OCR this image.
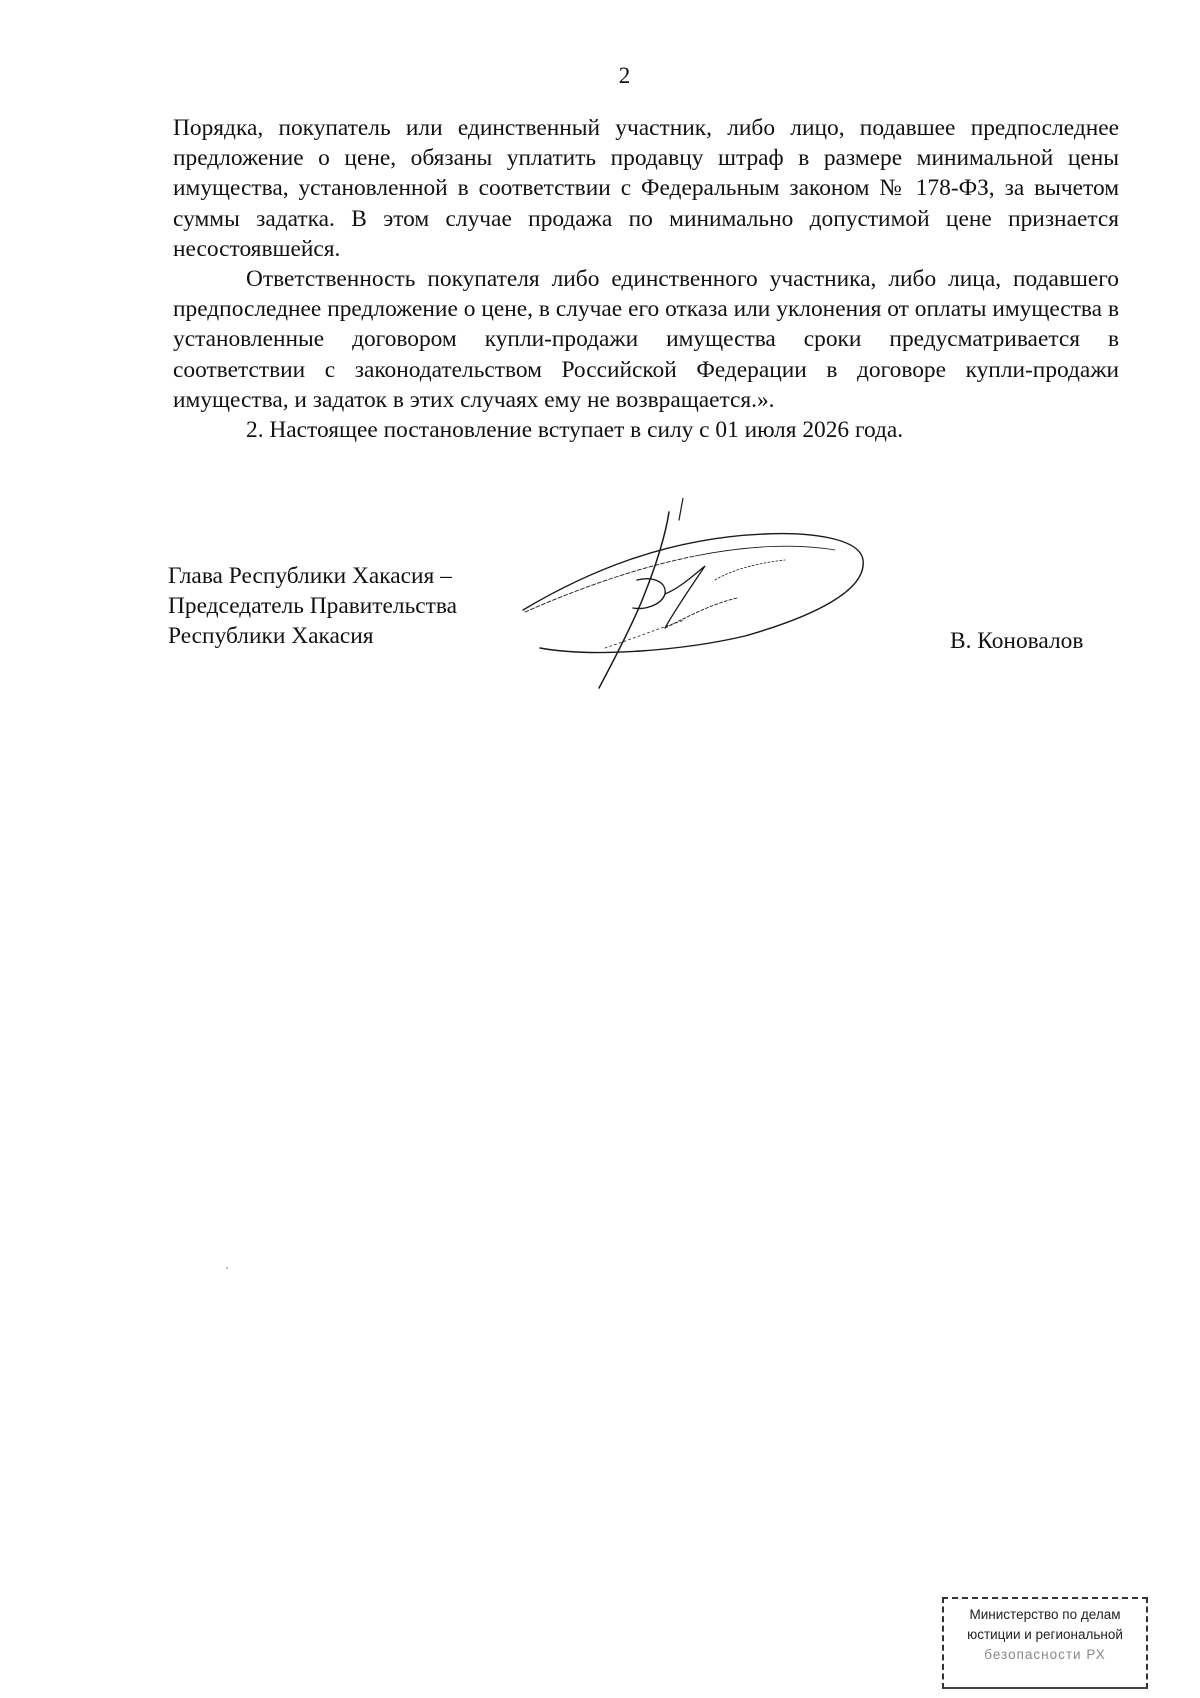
2

Порядка, покупатель или единственный участник, либо лицо, подавшее предпоследнее предложение о цене, обязаны уплатить продавцу штраф в размере минимальной цены имущества, установленной в соответствии с Федеральным законом № 178-ФЗ, за вычетом суммы задатка. В этом случае продажа по минимально допустимой цене признается несостоявшейся.

Ответственность покупателя либо единственного участника, либо лица, подавшего предпоследнее предложение о цене, в случае его отказа или уклонения от оплаты имущества в установленные договором купли-продажи имущества сроки предусматривается в соответствии с законодательством Российской Федерации в договоре купли-продажи имущества, и задаток в этих случаях ему не возвращается.».

2. Настоящее постановление вступает в силу с 01 июля 2026 года.

Глава Республики Хакасия –
Председатель Правительства
Республики Хакасия	В. Коновалов
Министерство по делам
юстиции и региональной
безопасности РХ
